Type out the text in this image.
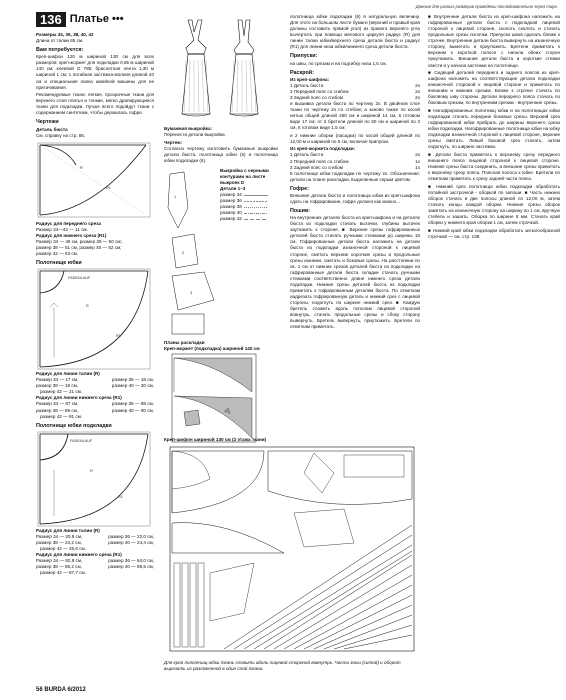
Данные для разных размеров приведены последовательно через тире.
136 Платье •••
Размеры 34, 36, 38, 40, 42
Длина от талии 65 см.
Вам потребуется:
Креп-шифон 120 м шириной 130 см для всех размеров; креп-жоржет для подкладки 0,85 м шириной 140 см; клеевой G 785; браслетная лента 1,30 м шириной 1 см; 1 потайная застежка-молния длиной 40 см и специальная лапка швейной машины для ее притачивания.
Рекомендуемые ткани: легкие, прозрачные ткани для верхнего слоя платья и тонкие, мягко драпирующиеся ткани для подкладки. Лучше всего подойдут ткани с содержанием синтетики, чтобы держалась гофре.
Чертежи
Деталь бюста
См. справку на стр. 86.
R
R1
Радиус для переднего среза
Размер 34—42 — 11 см.
Радиус для нижнего среза (R1)
Размер 34 — 49 см, размер 36 — 50 см;
размер 38 — 51 см, размер 40 — 52 см;
размер 42 — 53 см.
Полотнище юбки
FADENLAUF
R
R1
Радиус для линии талии (R)
Размер 34 — 17 см,	размер 36 — 18 см,
размер 38 — 19 см,	размер 40 — 20 см,
размер 42 — 21 см.
Радиус для линии нижнего среза (R1)
Размер 34 — 87 см,	размер 36 — 88 см,
размер 38 — 89 см,	размер 40 — 90 см,
размер 42 — 91 см.
Полотнище юбки подкладки
FADENLAUF
R
R1
Радиус для линии талии (R)
Размер 34 — 20,8 см,	размер 36 — 22,0 см,
размер 38 — 23,2 см,	размер 40 — 24,4 см,
размер 42 — 25,6 см.
Радиус для линии нижнего среза (R1)
Размер 34 — 82,8 см,	размер 36 — 84,0 см,
размер 38 — 85,2 см,	размер 40 — 86,5 см,
размер 42 — 87,7 см.
Бумажная выкройка:
Перенести детали выкройки.
Чертеж:
Согласно чертежу изготовить бумажные выкройки детали бюста, полотнища юбки (5) и полотнища юбки подкладки (6).
1
2
3
Выкройка с черными контурами на листе выкроек D
Детали 1–3
размер 34
размер 36
размер 38
размер 40
размер 42
Планы раскладки
Креп-жоржет (подкладка) шириной 140 см
Креп-шифон шириной 130 см (2 этажа ткани)
Для кроя полотнищ юбки ткань сложить вдоль лицевой стороной вовнутрь. Части зоны (ситой) и оборот вырезать из разложенной в один слой ткани.
полотнища юбки подкладки (6) в натуральную величину. Для этого на большом листе бумаги (верхний и правый края должны составить прямой угол) из правого верхнего угла вычертить при помощи мелового циркуля радиус (R) для линии талии юбки/верхнего среза детали бюста и радиус (R1) для линии низа юбки/нижнего среза детали бюста.
Припуски:
на швы, по срезам и на подгибку низа 1,5 см.
Раскрой:
Из креп-шифона:
1 Деталь бюста	2x
2 Передний пояс со сгибом	2x
3 Задний пояс со сгибом	2x
и вышивка детали бюста по чертежу 2x. В двойном слое ткани по чертежу 2х со стебом; а заново также по косой нитью общей длиной 260 см и шириной 14 см, в готовом виде 17 см; от 2 бретели длиной по 50 см и шириной по 3 см, в готовом виде 1,5 см;
и 2 нижние оборки (пасадка) по косой общей длиной по 12,00 м и шириной по 5 см, включая припуски.
Из креп-жоржета подкладки:
1 Деталь бюста	2x
2 Передний пояс со сгибом	1x
3 Задний пояс со сгибом	1x
5 полотнище юбки подкладки по чертежу 2x. Обозначение: детали на плане раскладки, выделенные серым цветом.
Гофре:
Внешние детали бюста и полотнища юбки из креп-шифона сдать на гофрирование, гофре должно как можно...
Пошив:
На внутренних деталях бюста из креп-шифона и на деталях бюста из подкладки стачать вытачки, глубины вытачек заутюжить к стороне. ■ Верхние срезы гофрированных деталей бюста стачать ручными стежками до ширины 10 см. Гофрированные детали бюста наложить на детали бюста из подкладки изнаночной стороной к лицевой стороне, сметать верхние короткие срезы и продольные срезы изнанки, сметать и боковые срезы. На расстоянии по ок. 1 см от нижних срезов деталей бюста из подкладки на гофрированные детали бюста складки стачать ручными стежками соответственно длине нижнего среза детали подкладки. Нижние срезы деталей бюста из подкладки приметать к гофрированным деталям бюста. По отметкам надрезать гофрированную деталь и нижний срез с лицевой стороны, подогнуть по ширине нижний срез. ■ Каждую бретель сложить вдоль пополам лицевой стороной вовнутрь, стачать продольные срезы и сбоку сторону вывернуть. Бретель вывернуть, приутюжить. Бретели по отметкам приметать.
■ Внутренние детали бюста из креп-шифона наложить на гофрированные детали бюста с подкладкой лицевой стороной к лицевой стороне, сколоть сколоть и стачать продольные срезы полочки. Припуски швов сделать ближе к строчке. Внутренние детали бюста вывернуть на изнаночную сторону, выметать и приутюжить. Бретели приметать к верхним к короткой полосе с начала обеих сторон приутюжить. Внешние детали бюста и короткие стежки свести и у начала застежки на полотнище.
■ Сидящий деталей переднего и заднего поясов из креп-шифона наложить на соответствующие детали подкладки изнаночной стороной к лицевой стороне и приметать по внешним и нижним срезам. Ближе к строчке стачать по боковому шву стороны. Детали переднего пояса стачать по боковым срезам, по внутренним срезам - внутренние срезы.
■ Нагофрированных полотнищ юбки и на полотнищах юбки подкладки стачать передние боковые срезы. Верхний срез гофрированной юбки прибрать до ширины верхнего среза юбки подкладки. Нагофрированные полотнища юбки на юбку подкладки изнаночной стороной к лицевой стороне, верхние срезы сметать. Левый боковой срез стачать, затем подогнуть, по ширине застежки.
■ Детали бюста приметать к верхнему срезу переднего внешнего пояса лицевой стороной к лицевой стороне. Нижние срезы бюста соединить, а внешние срезы приметать к верхнему срезу пояса. Поясная полоса к юбке. Бретели по отметкам приметать к срезу задней части пояса.
■ Нижний срез полотнища юбки подкладки обработать потайной застрочкой - оборкой по запоши. ■ Часть нижних оборок стачать в две полосы длиной по 12,00 м, затем стачать концы каждой оборки. Нижние срезы оборок заметать на изнаночную сторону на ширину по 1 см, вручную стебель и зашить. Оборка по ширине 5 мм. Стачать край оборки у нижнего края оборки 1 см, затем строчкой.
■ Нижний край юбки подкладки обработать зигзагообразной строчкой — см. стр. 139.
56 BURDA 6/2012
